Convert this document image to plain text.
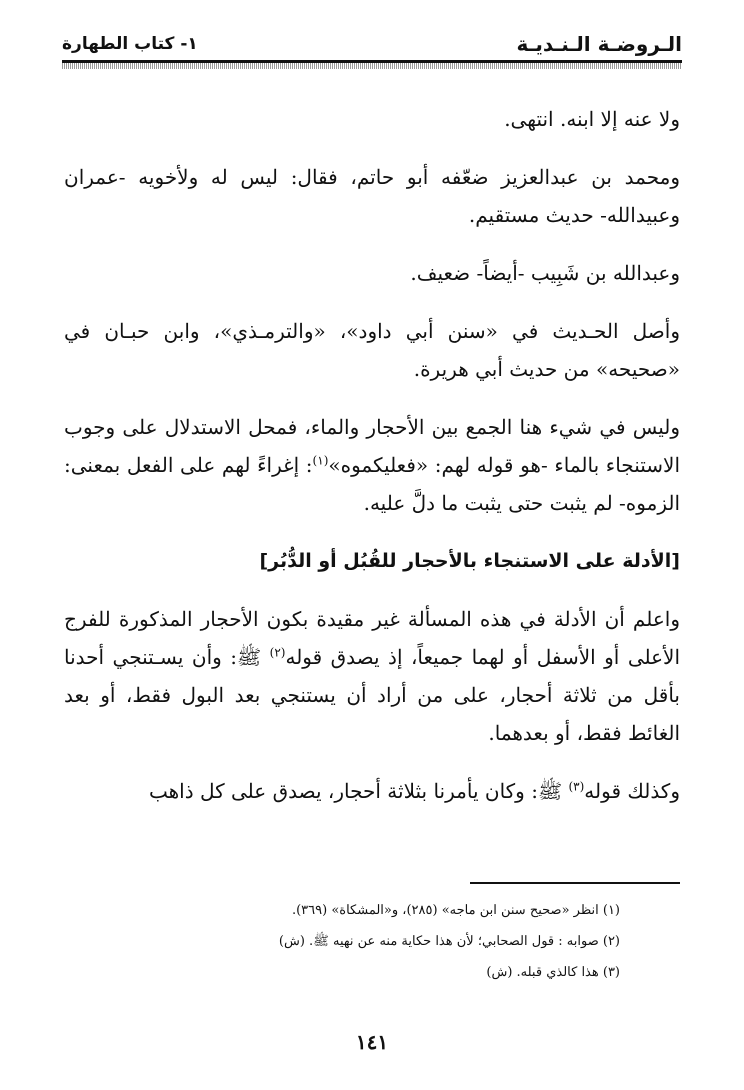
الـروضـة الـنـديـة
١- كتاب الطهارة

ولا عنه إلا ابنه. انتهى.

ومحمد بن عبدالعزيز ضعّفه أبو حاتم، فقال: ليس له ولأخويه -عمران وعبيدالله- حديث مستقيم.

وعبدالله بن شَبِيب -أيضاً- ضعيف.

وأصل الحـديث في «سنن أبي داود»، «والترمـذي»، وابن حبـان في «صحيحه» من حديث أبي هريرة.

وليس في شيء هنا الجمع بين الأحجار والماء، فمحل الاستدلال على وجوب الاستنجاء بالماء -هو قوله لهم: «فعليكموه»$^{(١)}$: إغراءً لهم على الفعل بمعنى: الزموه- لم يثبت حتى يثبت ما دلَّ عليه.

[الأدلة على الاستنجاء بالأحجار للقُبُل أو الدُّبُر]

واعلم أن الأدلة في هذه المسألة غير مقيدة بكون الأحجار المذكورة للفرج الأعلى أو الأسفل أو لهما جميعاً، إذ يصدق قوله$^{(٢)}$ ﷺ: وأن يسـتنجي أحدنا بأقل من ثلاثة أحجار، على من أراد أن يستنجي بعد البول فقط، أو بعد الغائط فقط، أو بعدهما.

وكذلك قوله$^{(٣)}$ ﷺ: وكان يأمرنا بثلاثة أحجار، يصدق على كل ذاهب

(١) انظر «صحيح سنن ابن ماجه» (٢٨٥)، و«المشكاة» (٣٦٩).

(٢) صوابه : قول الصحابي؛ لأن هذا حكاية منه عن نهيه ﷺ. (ش)

(٣) هذا كالذي قبله. (ش)

١٤١
